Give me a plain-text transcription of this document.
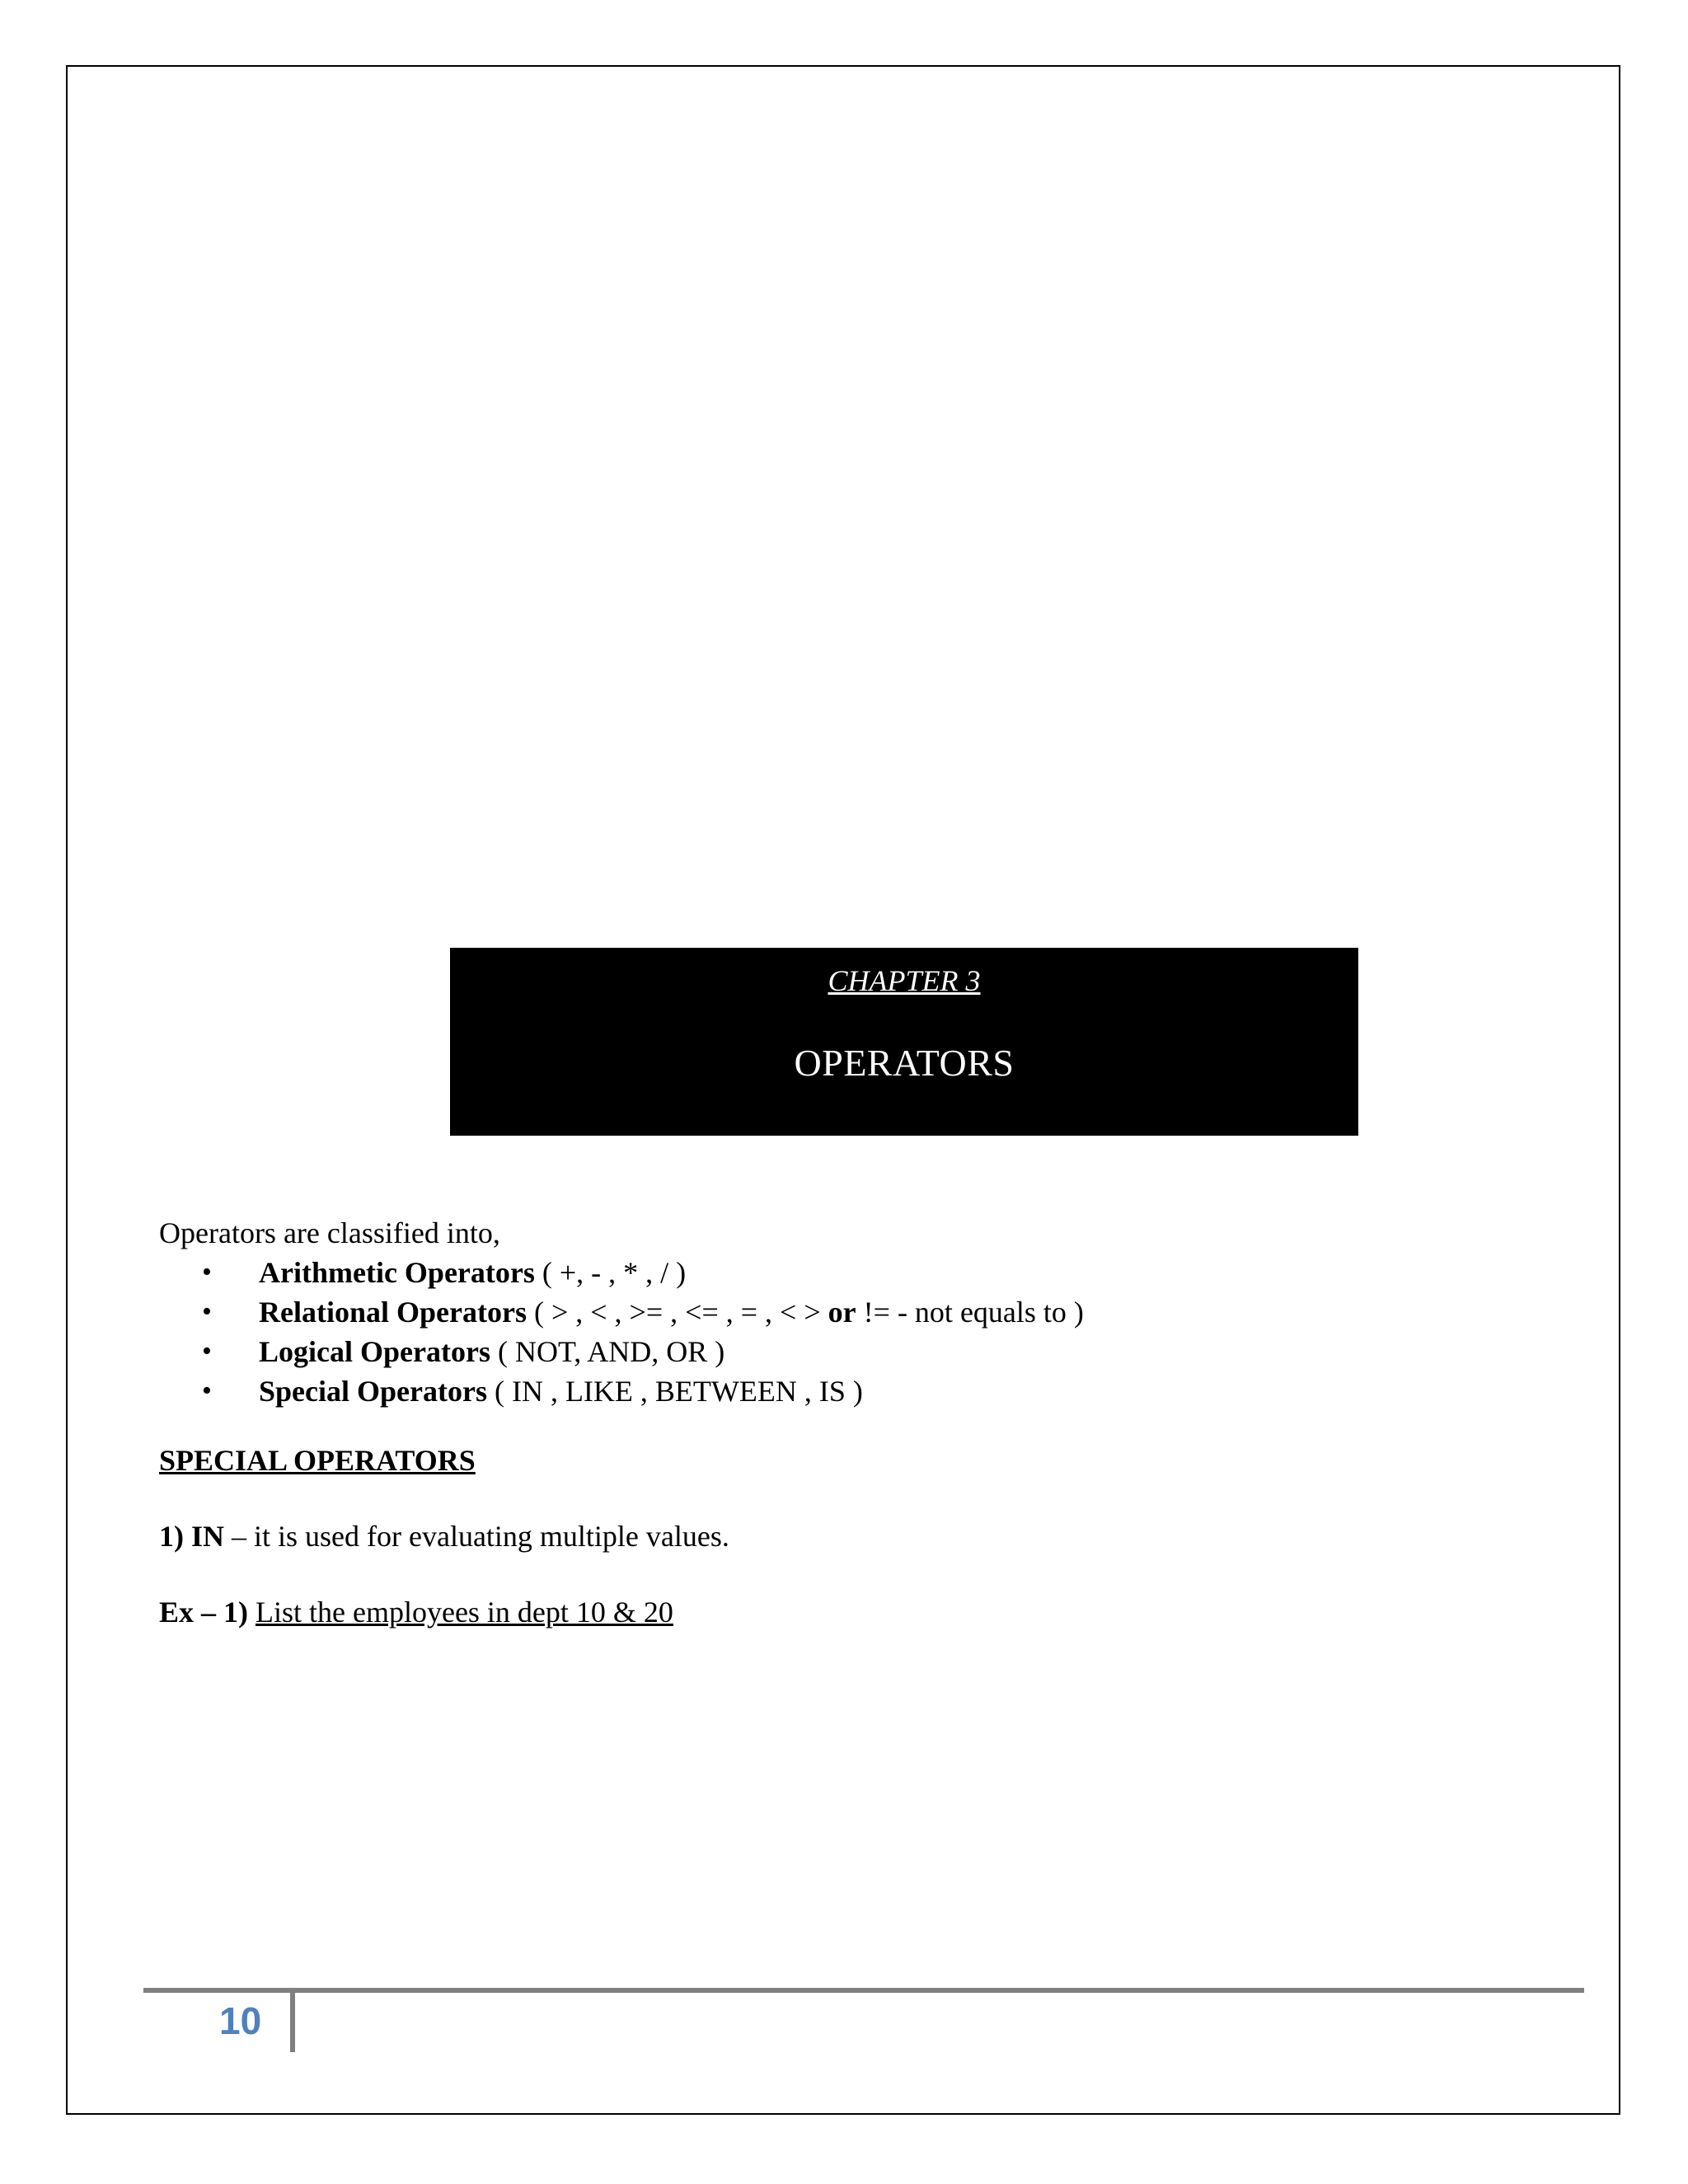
CHAPTER 3
OPERATORS

Operators are classified into,

• Arithmetic Operators ( +, - , * , / )
• Relational Operators ( > , < , >= , <= , = , < > or != - not equals to )
• Logical Operators ( NOT, AND, OR )
• Special Operators ( IN , LIKE , BETWEEN , IS )

SPECIAL OPERATORS

1) IN – it is used for evaluating multiple values.

Ex – 1) List the employees in dept 10 & 20

10
